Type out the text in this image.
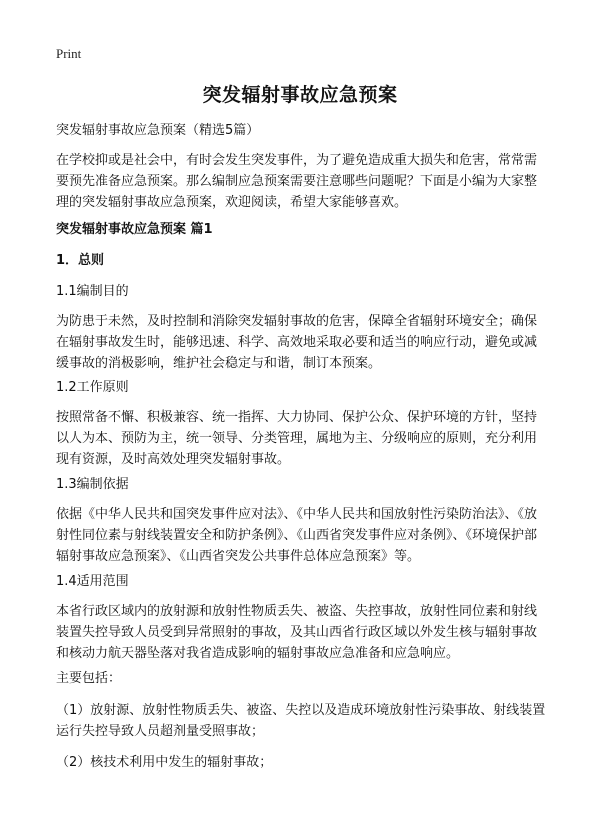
Print
突发辐射事故应急预案
突发辐射事故应急预案（精选5篇）
在学校抑或是社会中，有时会发生突发事件，为了避免造成重大损失和危害，常常需要预先准备应急预案。那么编制应急预案需要注意哪些问题呢？下面是小编为大家整理的突发辐射事故应急预案，欢迎阅读，希望大家能够喜欢。
突发辐射事故应急预案 篇1
1．总则
1.1编制目的
为防患于未然，及时控制和消除突发辐射事故的危害，保障全省辐射环境安全；确保在辐射事故发生时，能够迅速、科学、高效地采取必要和适当的响应行动，避免或减缓事故的消极影响，维护社会稳定与和谐，制订本预案。
1.2工作原则
按照常备不懈、积极兼容、统一指挥、大力协同、保护公众、保护环境的方针，坚持以人为本、预防为主，统一领导、分类管理，属地为主、分级响应的原则，充分利用现有资源，及时高效处理突发辐射事故。
1.3编制依据
依据《中华人民共和国突发事件应对法》、《中华人民共和国放射性污染防治法》、《放射性同位素与射线装置安全和防护条例》、《山西省突发事件应对条例》、《环境保护部辐射事故应急预案》、《山西省突发公共事件总体应急预案》等。
1.4适用范围
本省行政区域内的放射源和放射性物质丢失、被盗、失控事故，放射性同位素和射线装置失控导致人员受到异常照射的事故，及其山西省行政区域以外发生核与辐射事故和核动力航天器坠落对我省造成影响的辐射事故应急准备和应急响应。
主要包括：
（1）放射源、放射性物质丢失、被盗、失控以及造成环境放射性污染事故、射线装置运行失控导致人员超剂量受照事故；
（2）核技术利用中发生的辐射事故；
